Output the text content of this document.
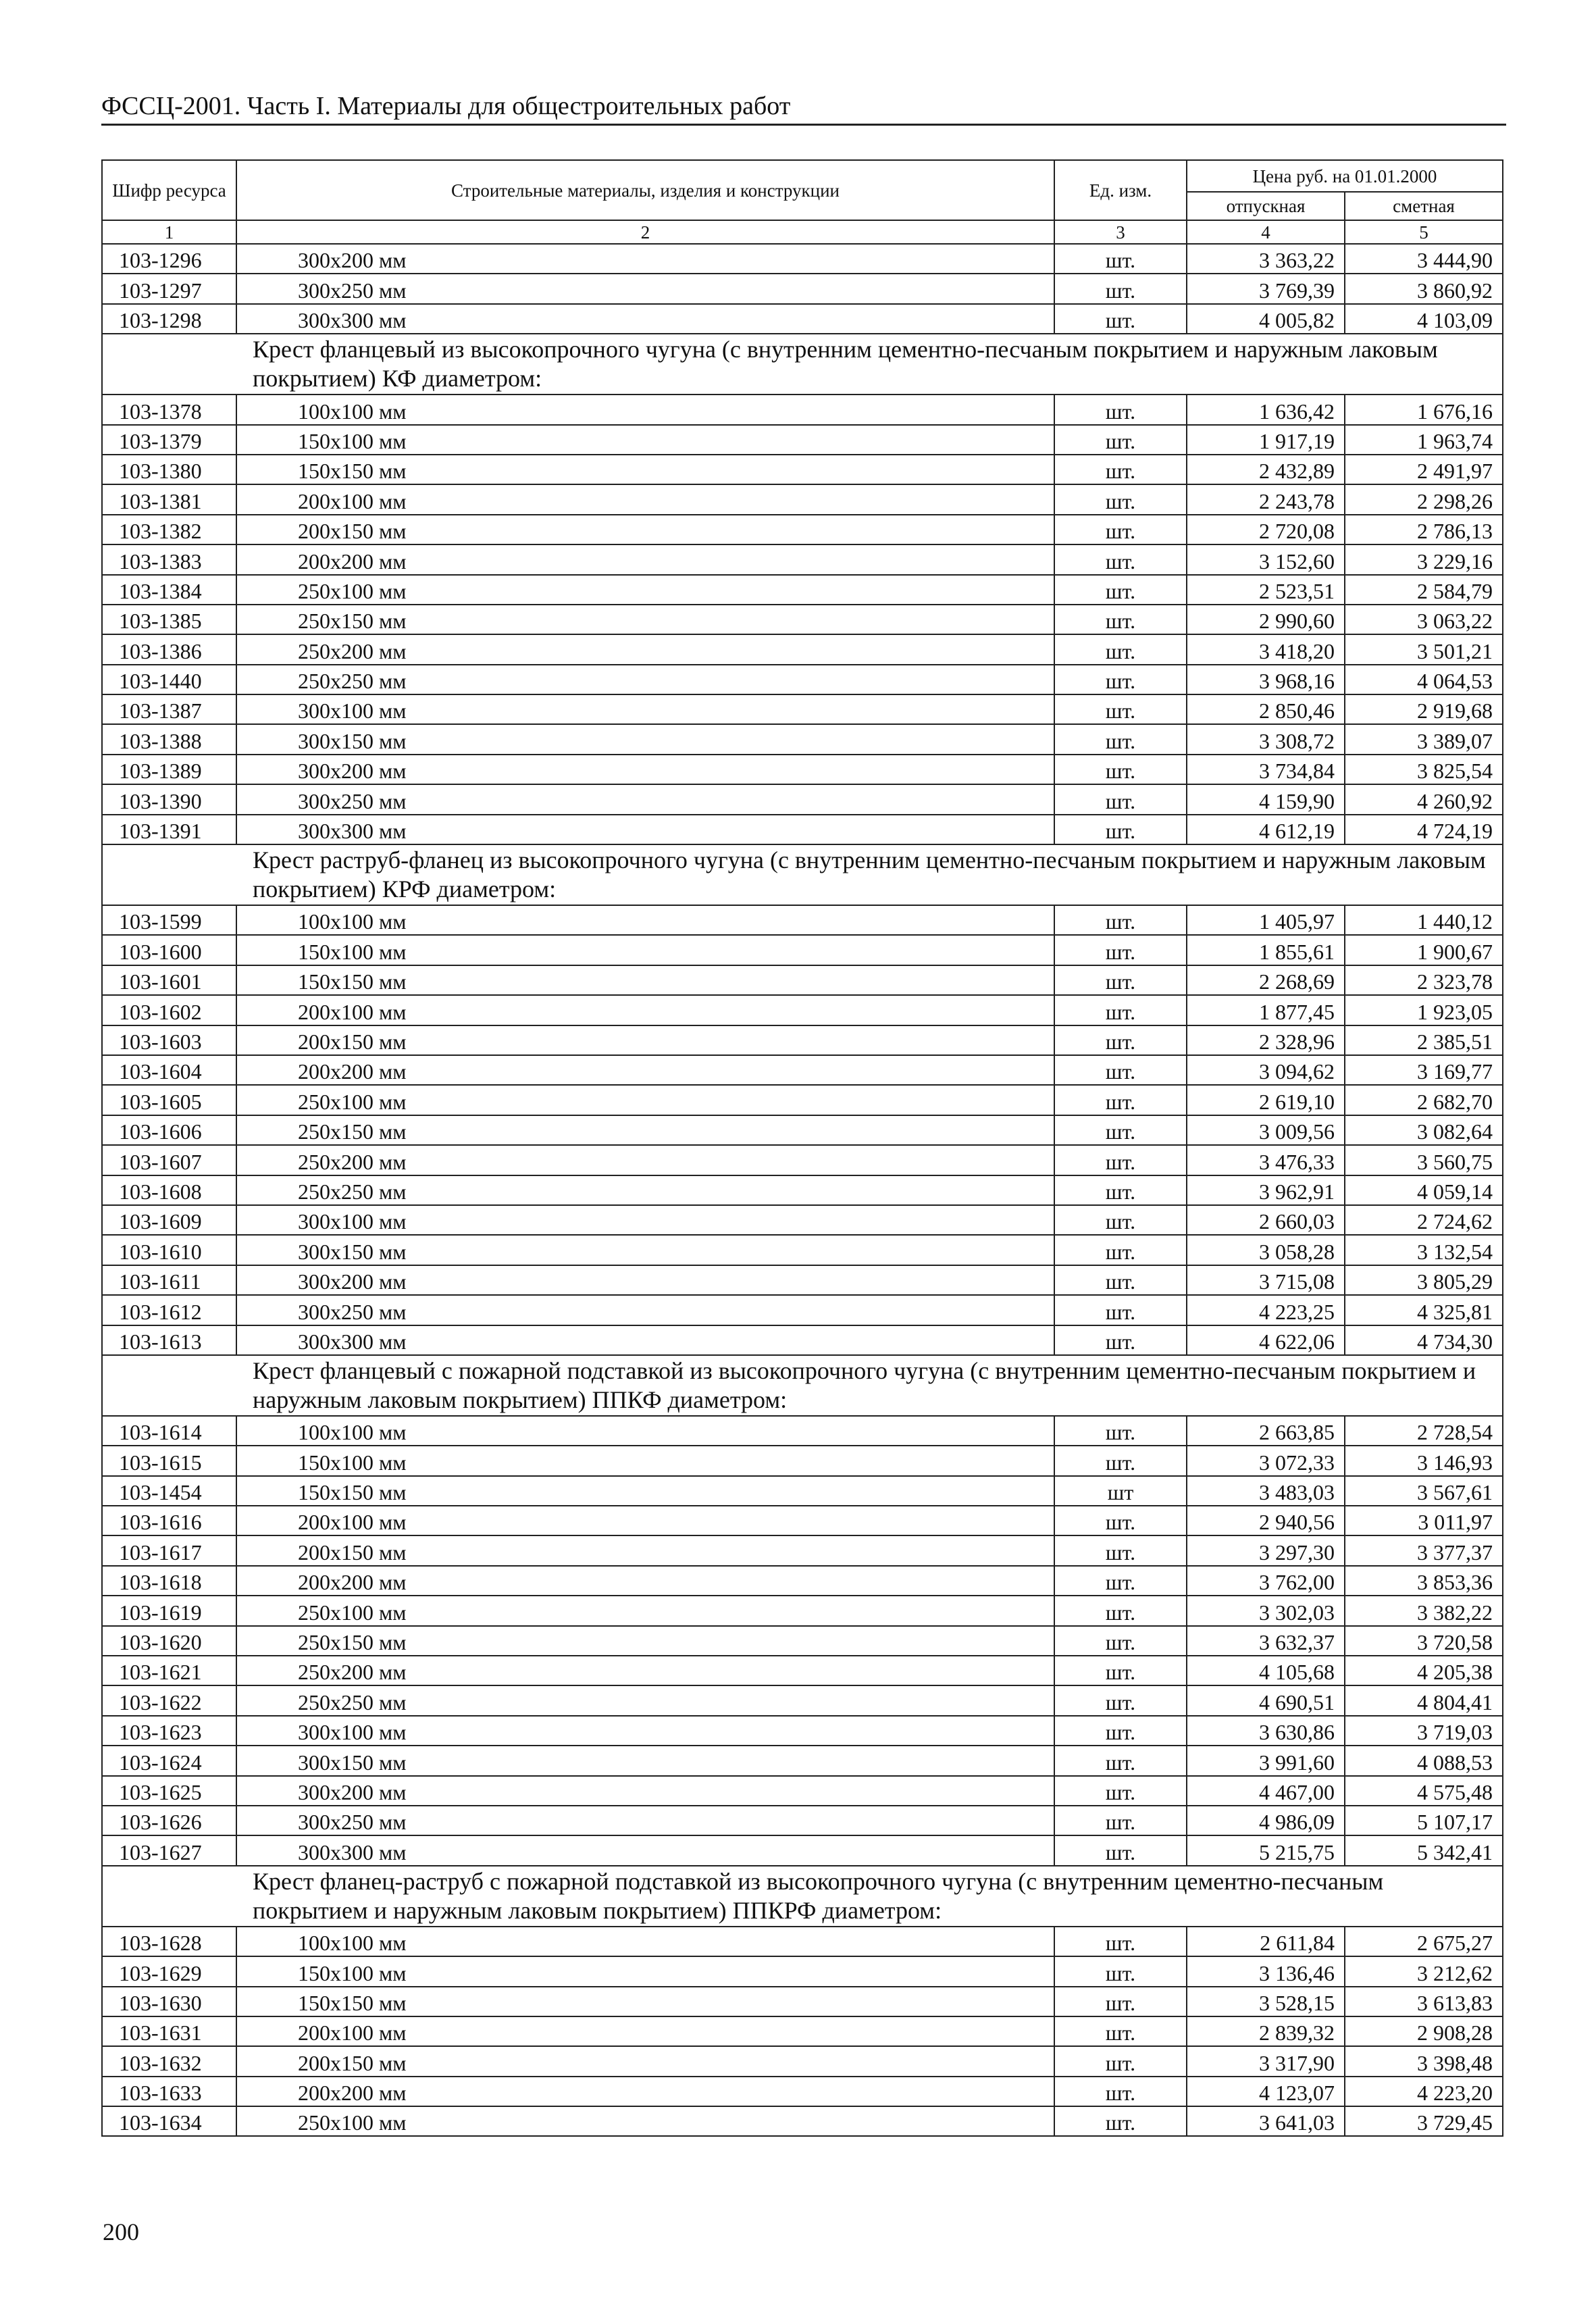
ФССЦ-2001. Часть I. Материалы для общестроительных работ
Шифр ресурса	Строительные материалы, изделия и конструкции	Ед. изм.	Цена руб. на 01.01.2000	
			отпускная	сметная
1	2	3	4	5
103-1296	300х200 мм	шт.	3 363,22	3 444,90
103-1297	300х250 мм	шт.	3 769,39	3 860,92
103-1298	300х300 мм	шт.	4 005,82	4 103,09
Крест фланцевый из высокопрочного чугуна (с внутренним цементно-песчаным покрытием и наружным лаковым покрытием) КФ диаметром:				
103-1378	100х100 мм	шт.	1 636,42	1 676,16
103-1379	150х100 мм	шт.	1 917,19	1 963,74
103-1380	150х150 мм	шт.	2 432,89	2 491,97
103-1381	200х100 мм	шт.	2 243,78	2 298,26
103-1382	200х150 мм	шт.	2 720,08	2 786,13
103-1383	200х200 мм	шт.	3 152,60	3 229,16
103-1384	250х100 мм	шт.	2 523,51	2 584,79
103-1385	250х150 мм	шт.	2 990,60	3 063,22
103-1386	250х200 мм	шт.	3 418,20	3 501,21
103-1440	250х250 мм	шт.	3 968,16	4 064,53
103-1387	300х100 мм	шт.	2 850,46	2 919,68
103-1388	300х150 мм	шт.	3 308,72	3 389,07
103-1389	300х200 мм	шт.	3 734,84	3 825,54
103-1390	300х250 мм	шт.	4 159,90	4 260,92
103-1391	300х300 мм	шт.	4 612,19	4 724,19
Крест раструб-фланец из высокопрочного чугуна (с внутренним цементно-песчаным покрытием и наружным лаковым покрытием) КРФ диаметром:				
103-1599	100х100 мм	шт.	1 405,97	1 440,12
103-1600	150х100 мм	шт.	1 855,61	1 900,67
103-1601	150х150 мм	шт.	2 268,69	2 323,78
103-1602	200х100 мм	шт.	1 877,45	1 923,05
103-1603	200х150 мм	шт.	2 328,96	2 385,51
103-1604	200х200 мм	шт.	3 094,62	3 169,77
103-1605	250х100 мм	шт.	2 619,10	2 682,70
103-1606	250х150 мм	шт.	3 009,56	3 082,64
103-1607	250х200 мм	шт.	3 476,33	3 560,75
103-1608	250х250 мм	шт.	3 962,91	4 059,14
103-1609	300х100 мм	шт.	2 660,03	2 724,62
103-1610	300х150 мм	шт.	3 058,28	3 132,54
103-1611	300х200 мм	шт.	3 715,08	3 805,29
103-1612	300х250 мм	шт.	4 223,25	4 325,81
103-1613	300х300 мм	шт.	4 622,06	4 734,30
Крест фланцевый с пожарной подставкой из высокопрочного чугуна (с внутренним цементно-песчаным покрытием и наружным лаковым покрытием) ППКФ диаметром:				
103-1614	100х100 мм	шт.	2 663,85	2 728,54
103-1615	150х100 мм	шт.	3 072,33	3 146,93
103-1454	150х150 мм	шт	3 483,03	3 567,61
103-1616	200х100 мм	шт.	2 940,56	3 011,97
103-1617	200х150 мм	шт.	3 297,30	3 377,37
103-1618	200х200 мм	шт.	3 762,00	3 853,36
103-1619	250х100 мм	шт.	3 302,03	3 382,22
103-1620	250х150 мм	шт.	3 632,37	3 720,58
103-1621	250х200 мм	шт.	4 105,68	4 205,38
103-1622	250х250 мм	шт.	4 690,51	4 804,41
103-1623	300х100 мм	шт.	3 630,86	3 719,03
103-1624	300х150 мм	шт.	3 991,60	4 088,53
103-1625	300х200 мм	шт.	4 467,00	4 575,48
103-1626	300х250 мм	шт.	4 986,09	5 107,17
103-1627	300х300 мм	шт.	5 215,75	5 342,41
Крест фланец-раструб с пожарной подставкой из высокопрочного чугуна (с внутренним цементно-песчаным покрытием и наружным лаковым покрытием) ППКРФ диаметром:				
103-1628	100х100 мм	шт.	2 611,84	2 675,27
103-1629	150х100 мм	шт.	3 136,46	3 212,62
103-1630	150х150 мм	шт.	3 528,15	3 613,83
103-1631	200х100 мм	шт.	2 839,32	2 908,28
103-1632	200х150 мм	шт.	3 317,90	3 398,48
103-1633	200х200 мм	шт.	4 123,07	4 223,20
103-1634	250х100 мм	шт.	3 641,03	3 729,45
200
